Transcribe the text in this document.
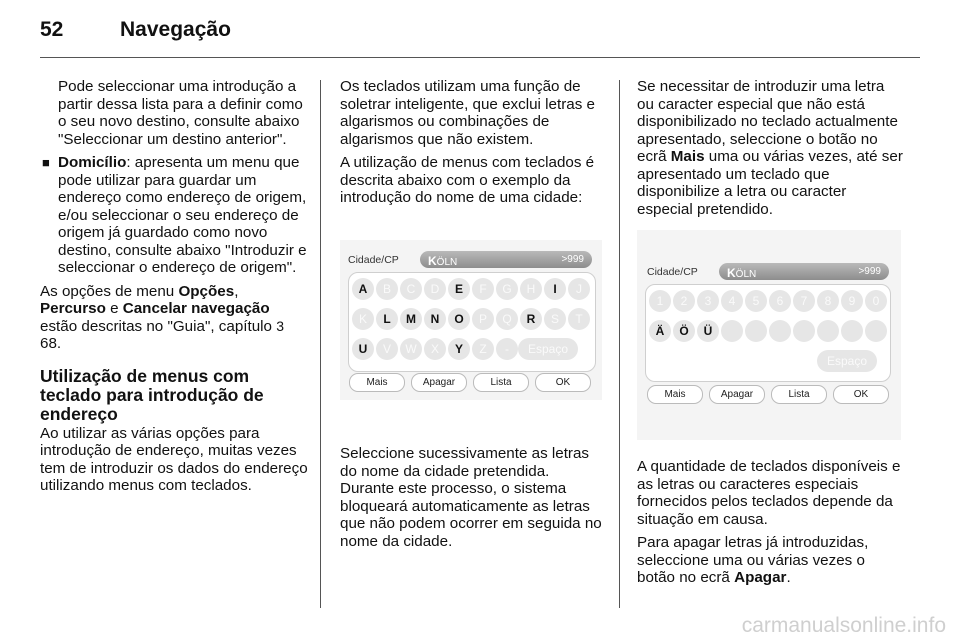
52	Navegação

Pode seleccionar uma introdução a partir dessa lista para a definir como o seu novo destino, consulte abaixo "Seleccionar um destino anterior".

■ Domicílio: apresenta um menu que pode utilizar para guardar um endereço como endereço de origem, e/ou seleccionar o seu endereço de origem já guardado como novo destino, consulte abaixo "Introduzir e seleccionar o endereço de origem".

As opções de menu Opções, Percurso e Cancelar navegação estão descritas no "Guia", capítulo 3 68.

Utilização de menus com teclado para introdução de endereço

Ao utilizar as várias opções para introdução de endereço, muitas vezes tem de introduzir os dados do endereço utilizando menus com teclados.

Os teclados utilizam uma função de soletrar inteligente, que exclui letras e algarismos ou combinações de algarismos que não existem.

A utilização de menus com teclados é descrita abaixo com o exemplo da introdução do nome de uma cidade:

Cidade/CP KÖLN	>999
A	B	C	D	E	F	G	H	I	J
K	L	M	N	O	P	Q	R	S	T
U	V	W	X	Y	Z	-	Espaço
Mais	Apagar	Lista	OK

Seleccione sucessivamente as letras do nome da cidade pretendida. Durante este processo, o sistema bloqueará automaticamente as letras que não podem ocorrer em seguida no nome da cidade.

Se necessitar de introduzir uma letra ou caracter especial que não está disponibilizado no teclado actualmente apresentado, seleccione o botão no ecrã Mais uma ou várias vezes, até ser apresentado um teclado que disponibilize a letra ou caracter especial pretendido.

Cidade/CP KÖLN	>999
1	2	3	4	5	6	7	8	9	0
Ä	Ö	Ü
Espaço
Mais	Apagar	Lista	OK

A quantidade de teclados disponíveis e as letras ou caracteres especiais fornecidos pelos teclados depende da situação em causa.

Para apagar letras já introduzidas, seleccione uma ou várias vezes o botão no ecrã Apagar.

carmanualsonline.info
